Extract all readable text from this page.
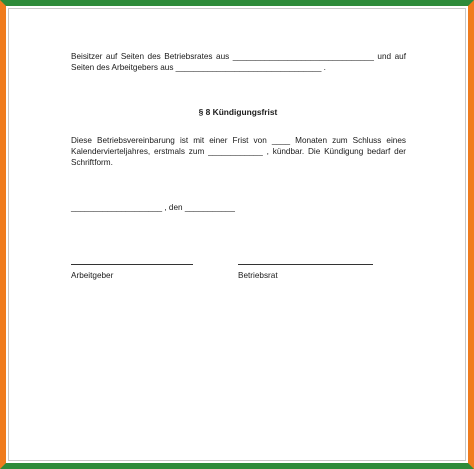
Beisitzer auf Seiten des Betriebsrates aus _______________________________ und auf
Seiten des Arbeitgebers aus ________________________________ .
§ 8 Kündigungsfrist
Diese Betriebsvereinbarung ist mit einer Frist von ____ Monaten zum Schluss eines
Kalendervierteljahres, erstmals zum ____________ , kündbar. Die Kündigung bedarf der
Schriftform.
____________________ , den ___________
Arbeitgeber	Betriebsrat
